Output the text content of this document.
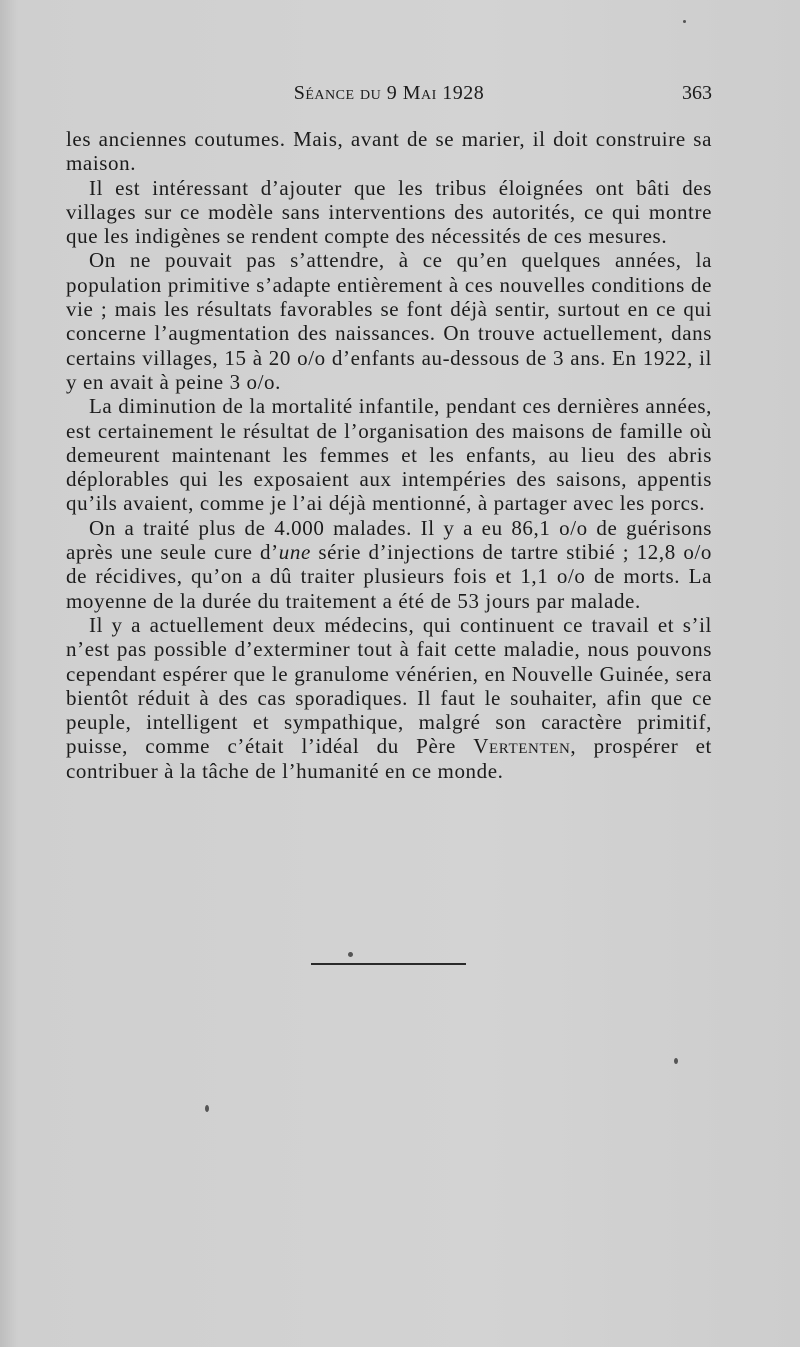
Séance du 9 Mai 1928	363

les anciennes coutumes. Mais, avant de se marier, il doit construire sa maison.

Il est intéressant d’ajouter que les tribus éloignées ont bâti des villages sur ce modèle sans interventions des autorités, ce qui montre que les indigènes se rendent compte des nécessités de ces mesures.

On ne pouvait pas s’attendre, à ce qu’en quelques années, la population primitive s’adapte entièrement à ces nouvelles conditions de vie ; mais les résultats favorables se font déjà sentir, surtout en ce qui concerne l’augmentation des naissances. On trouve actuellement, dans certains villages, 15 à 20 o/o d’enfants au-dessous de 3 ans. En 1922, il y en avait à peine 3 o/o.

La diminution de la mortalité infantile, pendant ces dernières années, est certainement le résultat de l’organisation des maisons de famille où demeurent maintenant les femmes et les enfants, au lieu des abris déplorables qui les exposaient aux intempéries des saisons, appentis qu’ils avaient, comme je l’ai déjà mentionné, à partager avec les porcs.

On a traité plus de 4.000 malades. Il y a eu 86,1 o/o de guérisons après une seule cure d’une série d’injections de tartre stibié ; 12,8 o/o de récidives, qu’on a dû traiter plusieurs fois et 1,1 o/o de morts. La moyenne de la durée du traitement a été de 53 jours par malade.

Il y a actuellement deux médecins, qui continuent ce travail et s’il n’est pas possible d’exterminer tout à fait cette maladie, nous pouvons cependant espérer que le granulome vénérien, en Nouvelle Guinée, sera bientôt réduit à des cas sporadiques. Il faut le souhaiter, afin que ce peuple, intelligent et sympathique, malgré son caractère primitif, puisse, comme c’était l’idéal du Père Vertenten, prospérer et contribuer à la tâche de l’humanité en ce monde.
